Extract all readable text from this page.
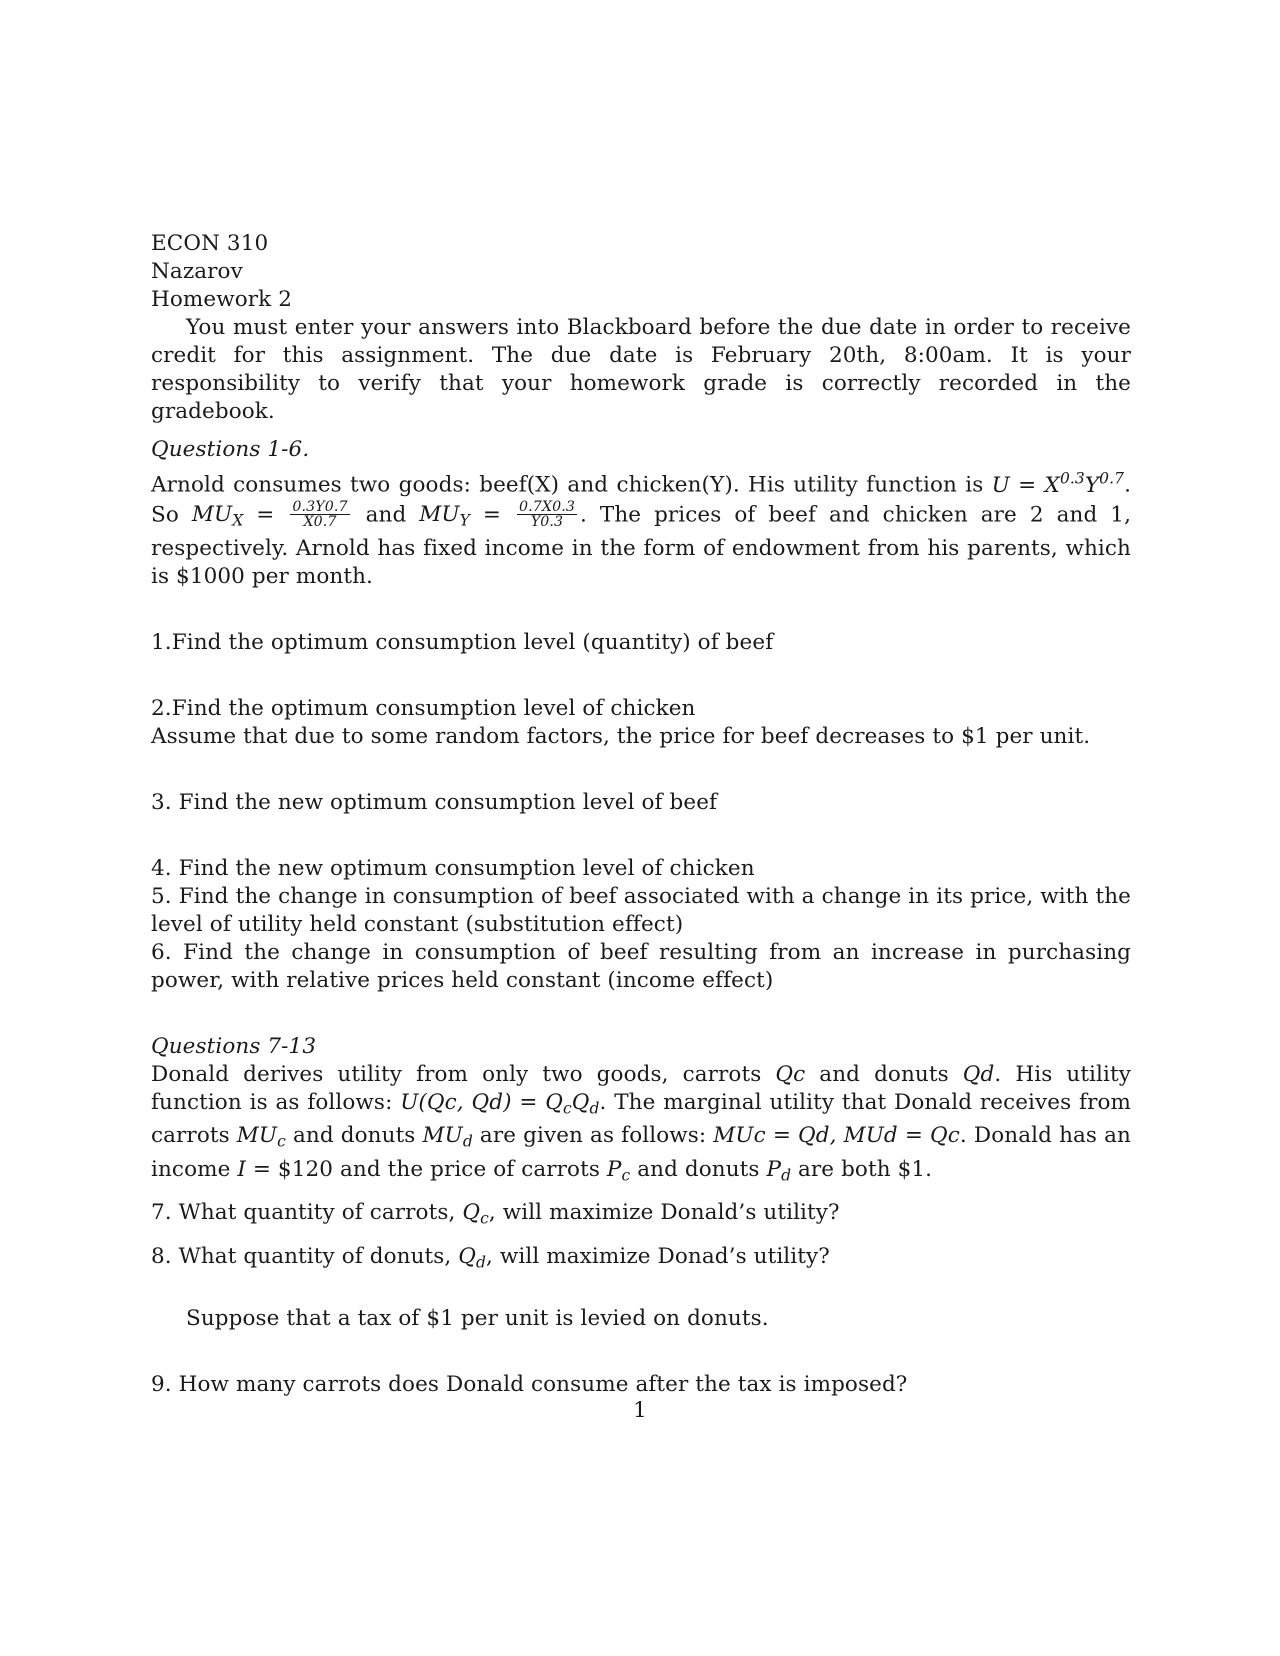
ECON 310
Nazarov
Homework 2

You must enter your answers into Blackboard before the due date in order to receive credit for this assignment. The due date is February 20th, 8:00am. It is your responsibility to verify that your homework grade is correctly recorded in the gradebook.

Questions 1-6.

Arnold consumes two goods: beef(X) and chicken(Y). His utility function is $U = X^{0.3}Y^{0.7}$. So $MU_X = \frac{0.3Y0.7}{X0.7}$ and $MU_Y = \frac{0.7X0.3}{Y0.3}$ . The prices of beef and chicken are 2 and 1, respectively. Arnold has fixed income in the form of endowment from his parents, which is $1000 per month.

1.Find the optimum consumption level (quantity) of beef
2.Find the optimum consumption level of chicken
Assume that due to some random factors, the price for beef decreases to $1 per unit.
3. Find the new optimum consumption level of beef
4. Find the new optimum consumption level of chicken

5. Find the change in consumption of beef associated with a change in its price, with the level of utility held constant (substitution effect)

6. Find the change in consumption of beef resulting from an increase in purchasing power, with relative prices held constant (income effect)

Questions 7-13

Donald derives utility from only two goods, carrots Qc and donuts Qd. His utility function is as follows: U(Qc, $Qd) = Q_cQ_d$. The marginal utility that Donald receives from carrots $MU_c$ and donuts $MU_d$ are given as follows: MUc = Qd, MUd = Qc. Donald has an income I = $120 and the price of carrots $P_c$ and donuts $P_d$ are both $1.

7. What quantity of carrots, $Q_c$, will maximize Donald’s utility?
8. What quantity of donuts, $Q_d$, will maximize Donad’s utility?
Suppose that a tax of $1 per unit is levied on donuts.
9. How many carrots does Donald consume after the tax is imposed?
1
